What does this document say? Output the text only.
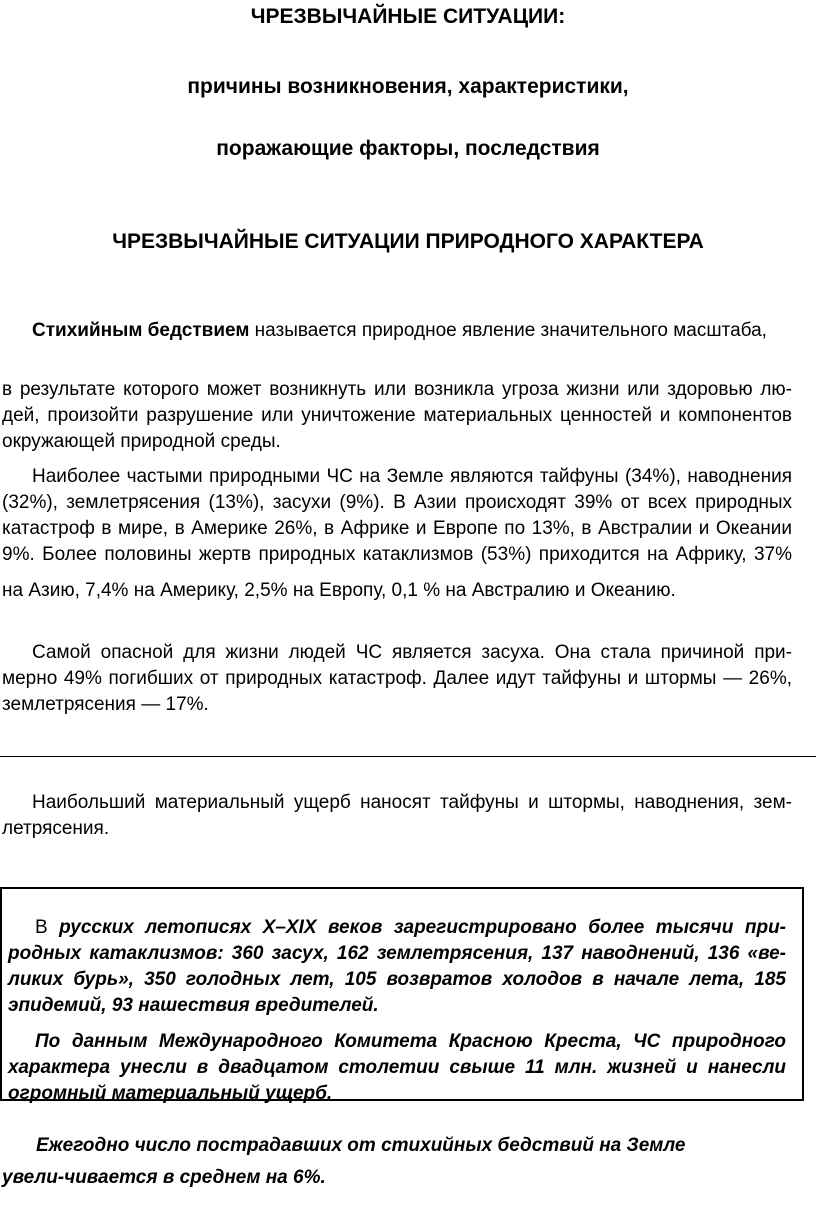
ЧРЕЗВЫЧАЙНЫЕ СИТУАЦИИ:
причины возникновения, характеристики,
поражающие факторы, последствия
ЧРЕЗВЫЧАЙНЫЕ СИТУАЦИИ ПРИРОДНОГО ХАРАКТЕРА

Стихийным бедствием называется природное явление значительного масштаба,

в результате которого может возникнуть или возникла угроза жизни или здоровью лю-дей, произойти разрушение или уничтожение материальных ценностей и компонентов окружающей природной среды.

Наиболее частыми природными ЧС на Земле являются тайфуны (34%), наводнения (32%), землетрясения (13%), засухи (9%). В Азии происходят 39% от всех природных катастроф в мире, в Америке 26%, в Африке и Европе по 13%, в Австралии и Океании 9%. Более половины жертв природных катаклизмов (53%) приходится на Африку, 37%

на Азию, 7,4% на Америку, 2,5% на Европу, 0,1 % на Австралию и Океанию.

Самой опасной для жизни людей ЧС является засуха. Она стала причиной при-мерно 49% погибших от природных катастроф. Далее идут тайфуны и штормы — 26%, землетрясения — 17%.

Наибольший материальный ущерб наносят тайфуны и штормы, наводнения, зем-летрясения.

В русских летописях X–XIX веков зарегистрировано более тысячи при-родных катаклизмов: 360 засух, 162 землетрясения, 137 наводнений, 136 «ве-ликих бурь», 350 голодных лет, 105 возвратов холодов в начале лета, 185 эпидемий, 93 нашествия вредителей.

По данным Международного Комитета Красною Креста, ЧС природного характера унесли в двадцатом столетии свыше 11 млн. жизней и нанесли огромный материальный ущерб.

Ежегодно число пострадавших от стихийных бедствий на Земле

увели-чивается в среднем на 6%.
